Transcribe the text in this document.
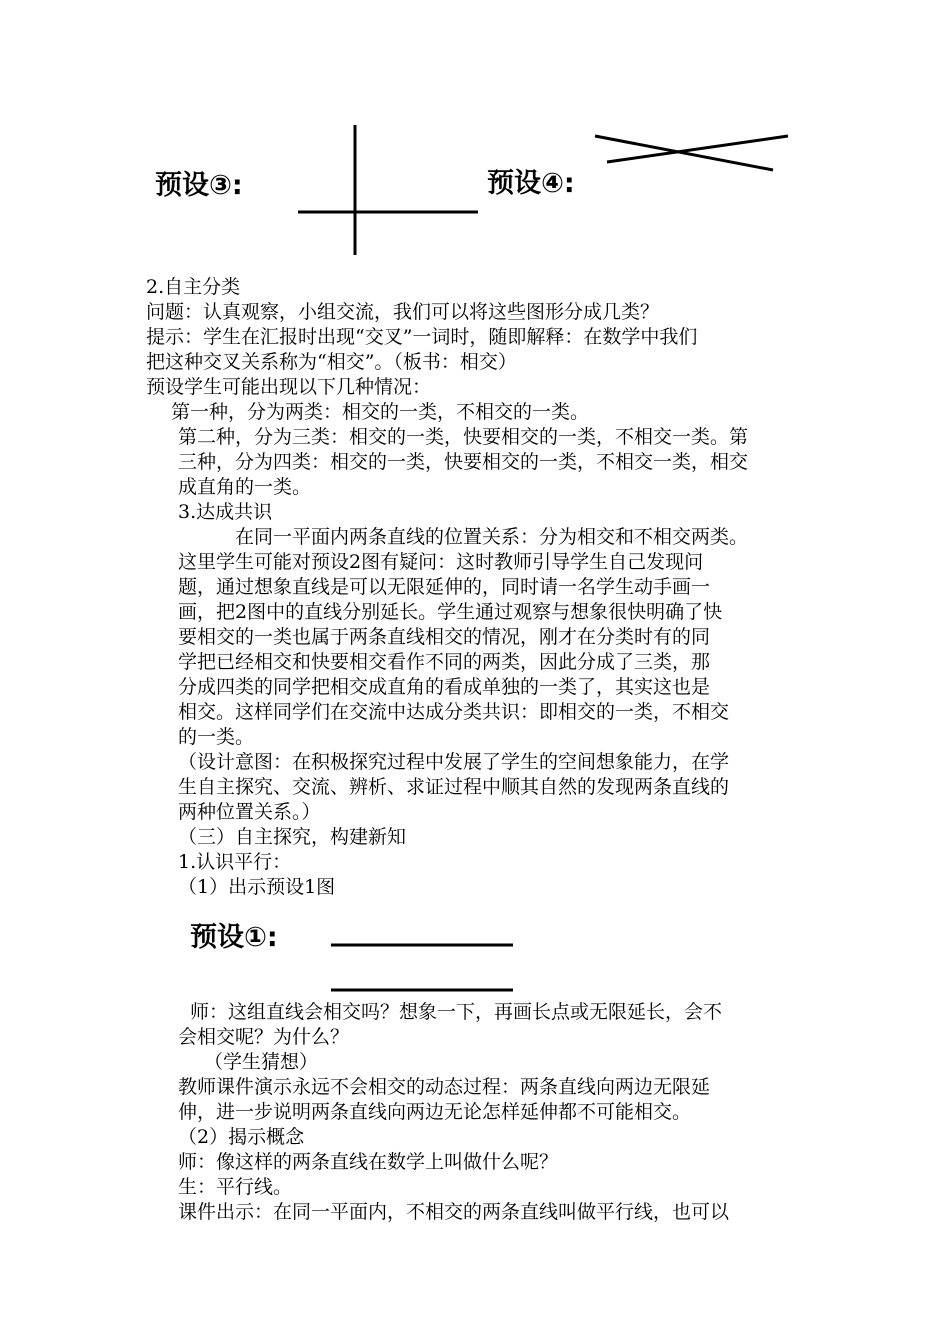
预设③:	预设④:
2.自主分类
问题：认真观察，小组交流，我们可以将这些图形分成几类？
提示：学生在汇报时出现“交叉”一词时，随即解释：在数学中我们
把这种交叉关系称为“相交”。（板书：相交）
预设学生可能出现以下几种情况：
第一种，分为两类：相交的一类，不相交的一类。
第二种，分为三类：相交的一类，快要相交的一类，不相交一类。第
三种，分为四类：相交的一类，快要相交的一类，不相交一类，相交
成直角的一类。
3.达成共识
在同一平面内两条直线的位置关系：分为相交和不相交两类。
这里学生可能对预设2图有疑问：这时教师引导学生自己发现问
题，通过想象直线是可以无限延伸的，同时请一名学生动手画一
画，把2图中的直线分别延长。学生通过观察与想象很快明确了快
要相交的一类也属于两条直线相交的情况，刚才在分类时有的同
学把已经相交和快要相交看作不同的两类，因此分成了三类，那
分成四类的同学把相交成直角的看成单独的一类了，其实这也是
相交。这样同学们在交流中达成分类共识：即相交的一类，不相交
的一类。
（设计意图：在积极探究过程中发展了学生的空间想象能力，在学
生自主探究、交流、辨析、求证过程中顺其自然的发现两条直线的
两种位置关系。）
（三）自主探究，构建新知
1.认识平行：
（1）出示预设1图
预设①:
师：这组直线会相交吗？想象一下，再画长点或无限延长，会不
会相交呢？为什么？
（学生猜想）
教师课件演示永远不会相交的动态过程：两条直线向两边无限延
伸，进一步说明两条直线向两边无论怎样延伸都不可能相交。
（2）揭示概念
师：像这样的两条直线在数学上叫做什么呢？
生：平行线。
课件出示：在同一平面内，不相交的两条直线叫做平行线，也可以
